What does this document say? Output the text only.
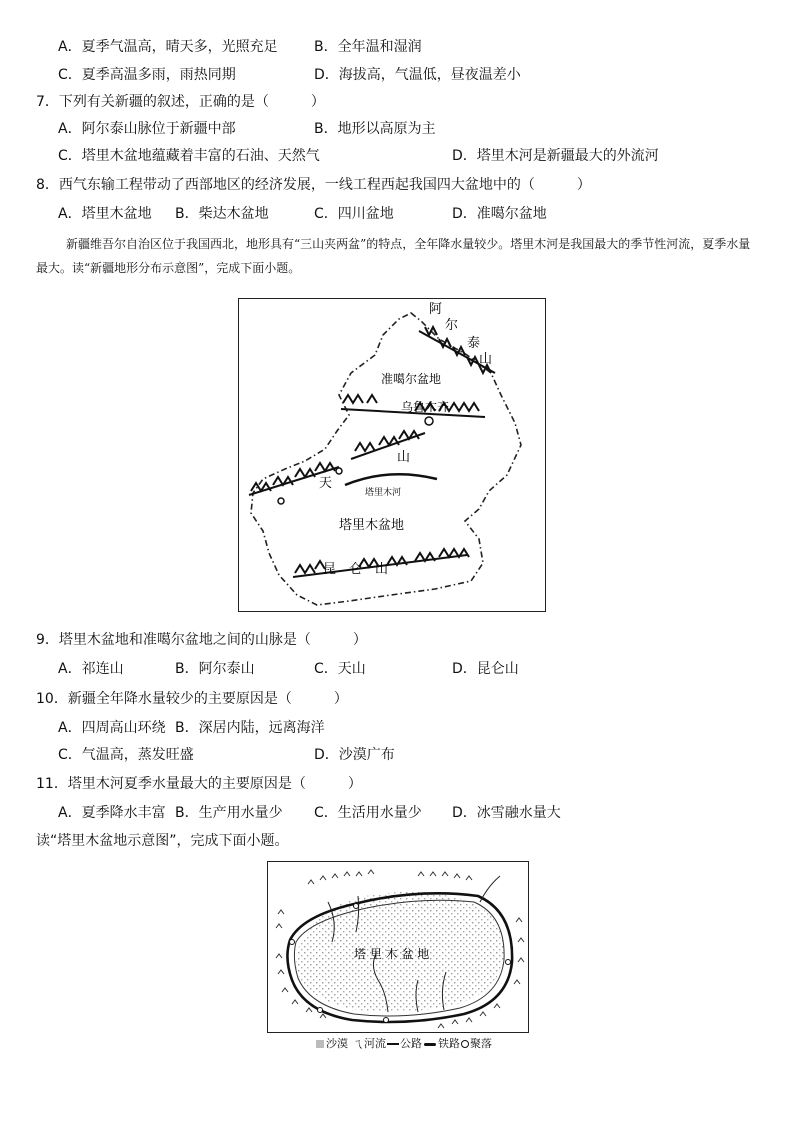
A．夏季气温高，晴天多，光照充足	B．全年温和湿润
C．夏季高温多雨，雨热同期	D．海拔高，气温低，昼夜温差小
7．下列有关新疆的叙述，正确的是（　　　）
A．阿尔泰山脉位于新疆中部	B．地形以高原为主
C．塔里木盆地蕴藏着丰富的石油、天然气	D．塔里木河是新疆最大的外流河
8．西气东输工程带动了西部地区的经济发展，一线工程西起我国四大盆地中的（　　　）
A．塔里木盆地 B．柴达木盆地	C．四川盆地	D．准噶尔盆地
新疆维吾尔自治区位于我国西北，地形具有“三山夹两盆”的特点，全年降水量较少。塔里木河是我国最大的季节性河流，夏季水量最大。读“新疆地形分布示意图”，完成下面小题。
阿
尔
泰
山
准噶尔盆地
乌鲁木齐
山
天
塔里木河
塔里木盆地
昆 仑 山
9．塔里木盆地和准噶尔盆地之间的山脉是（　　　）
A．祁连山	B．阿尔泰山	C．天山	D．昆仑山
10．新疆全年降水量较少的主要原因是（　　　）
A．四周高山环绕 B．深居内陆，远离海洋
C．气温高，蒸发旺盛	D．沙漠广布
11．塔里木河夏季水量最大的主要原因是（　　　）
A．夏季降水丰富 B．生产用水量少 C．生活用水量少 D．冰雪融水量大
读“塔里木盆地示意图”，完成下面小题。
塔 里 木 盆 地
沙漠 ㄟ 河流 公路 铁路 聚落
